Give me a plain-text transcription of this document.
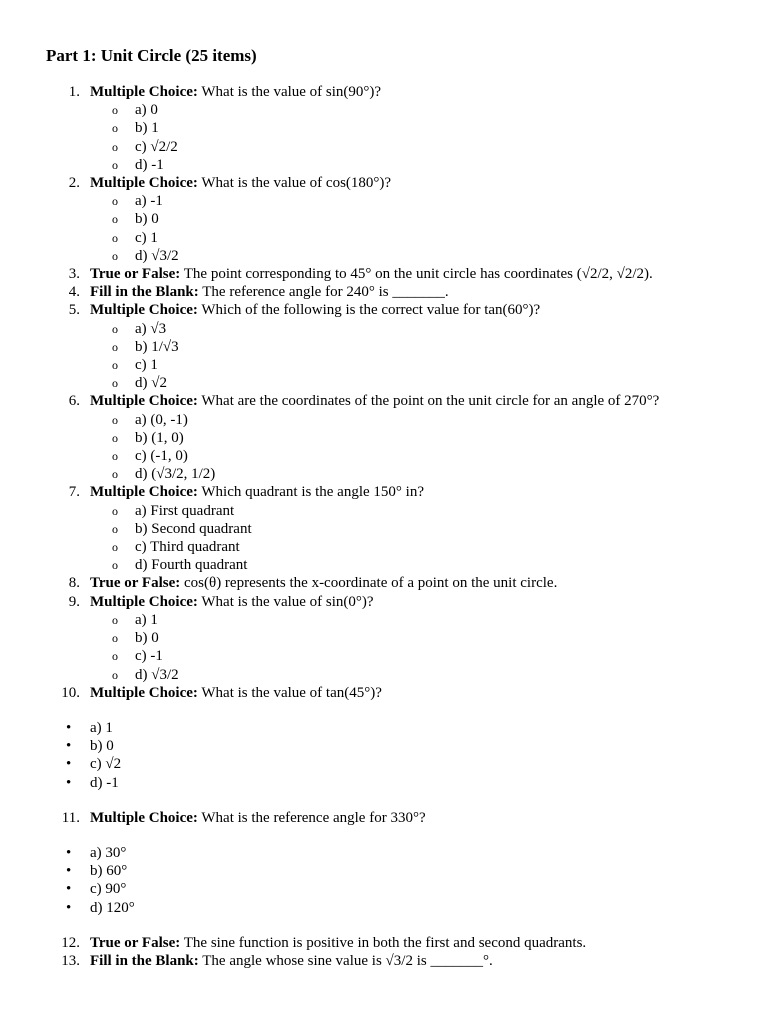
Part 1: Unit Circle (25 items)
1. Multiple Choice: What is the value of sin(90°)?
o a) 0
o b) 1
o c) √2/2
o d) -1
2. Multiple Choice: What is the value of cos(180°)?
o a) -1
o b) 0
o c) 1
o d) √3/2
3. True or False: The point corresponding to 45° on the unit circle has coordinates (√2/2, √2/2).
4. Fill in the Blank: The reference angle for 240° is _______.
5. Multiple Choice: Which of the following is the correct value for tan(60°)?
o a) √3
o b) 1/√3
o c) 1
o d) √2
6. Multiple Choice: What are the coordinates of the point on the unit circle for an angle of 270°?
o a) (0, -1)
o b) (1, 0)
o c) (-1, 0)
o d) (√3/2, 1/2)
7. Multiple Choice: Which quadrant is the angle 150° in?
o a) First quadrant
o b) Second quadrant
o c) Third quadrant
o d) Fourth quadrant
8. True or False: cos(θ) represents the x-coordinate of a point on the unit circle.
9. Multiple Choice: What is the value of sin(0°)?
o a) 1
o b) 0
o c) -1
o d) √3/2
10. Multiple Choice: What is the value of tan(45°)?
• a) 1
• b) 0
• c) √2
• d) -1
11. Multiple Choice: What is the reference angle for 330°?
• a) 30°
• b) 60°
• c) 90°
• d) 120°
12. True or False: The sine function is positive in both the first and second quadrants.
13. Fill in the Blank: The angle whose sine value is √3/2 is _______°.
